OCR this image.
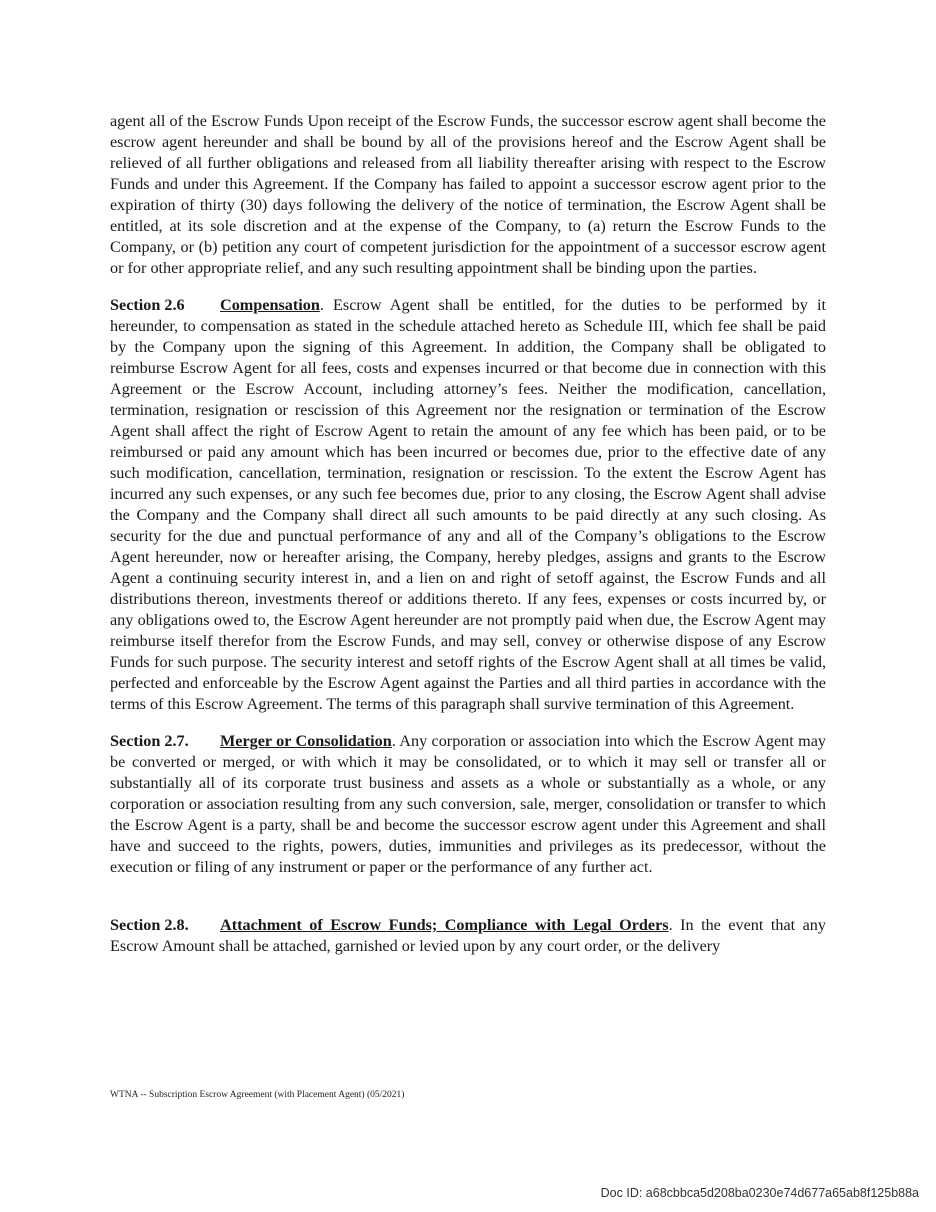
agent all of the Escrow Funds Upon receipt of the Escrow Funds, the successor escrow agent shall become the escrow agent hereunder and shall be bound by all of the provisions hereof and the Escrow Agent shall be relieved of all further obligations and released from all liability thereafter arising with respect to the Escrow Funds and under this Agreement. If the Company has failed to appoint a successor escrow agent prior to the expiration of thirty (30) days following the delivery of the notice of termination, the Escrow Agent shall be entitled, at its sole discretion and at the expense of the Company, to (a) return the Escrow Funds to the Company, or (b) petition any court of competent jurisdiction for the appointment of a successor escrow agent or for other appropriate relief, and any such resulting appointment shall be binding upon the parties.

Section 2.6 Compensation. Escrow Agent shall be entitled, for the duties to be performed by it hereunder, to compensation as stated in the schedule attached hereto as Schedule III, which fee shall be paid by the Company upon the signing of this Agreement. In addition, the Company shall be obligated to reimburse Escrow Agent for all fees, costs and expenses incurred or that become due in connection with this Agreement or the Escrow Account, including attorney’s fees. Neither the modification, cancellation, termination, resignation or rescission of this Agreement nor the resignation or termination of the Escrow Agent shall affect the right of Escrow Agent to retain the amount of any fee which has been paid, or to be reimbursed or paid any amount which has been incurred or becomes due, prior to the effective date of any such modification, cancellation, termination, resignation or rescission. To the extent the Escrow Agent has incurred any such expenses, or any such fee becomes due, prior to any closing, the Escrow Agent shall advise the Company and the Company shall direct all such amounts to be paid directly at any such closing. As security for the due and punctual performance of any and all of the Company’s obligations to the Escrow Agent hereunder, now or hereafter arising, the Company, hereby pledges, assigns and grants to the Escrow Agent a continuing security interest in, and a lien on and right of setoff against, the Escrow Funds and all distributions thereon, investments thereof or additions thereto. If any fees, expenses or costs incurred by, or any obligations owed to, the Escrow Agent hereunder are not promptly paid when due, the Escrow Agent may reimburse itself therefor from the Escrow Funds, and may sell, convey or otherwise dispose of any Escrow Funds for such purpose. The security interest and setoff rights of the Escrow Agent shall at all times be valid, perfected and enforceable by the Escrow Agent against the Parties and all third parties in accordance with the terms of this Escrow Agreement. The terms of this paragraph shall survive termination of this Agreement.

Section 2.7. Merger or Consolidation. Any corporation or association into which the Escrow Agent may be converted or merged, or with which it may be consolidated, or to which it may sell or transfer all or substantially all of its corporate trust business and assets as a whole or substantially as a whole, or any corporation or association resulting from any such conversion, sale, merger, consolidation or transfer to which the Escrow Agent is a party, shall be and become the successor escrow agent under this Agreement and shall have and succeed to the rights, powers, duties, immunities and privileges as its predecessor, without the execution or filing of any instrument or paper or the performance of any further act.

Section 2.8. Attachment of Escrow Funds; Compliance with Legal Orders. In the event that any Escrow Amount shall be attached, garnished or levied upon by any court order, or the delivery

WTNA -- Subscription Escrow Agreement (with Placement Agent) (05/2021)
Doc ID: a68cbbca5d208ba0230e74d677a65ab8f125b88a
